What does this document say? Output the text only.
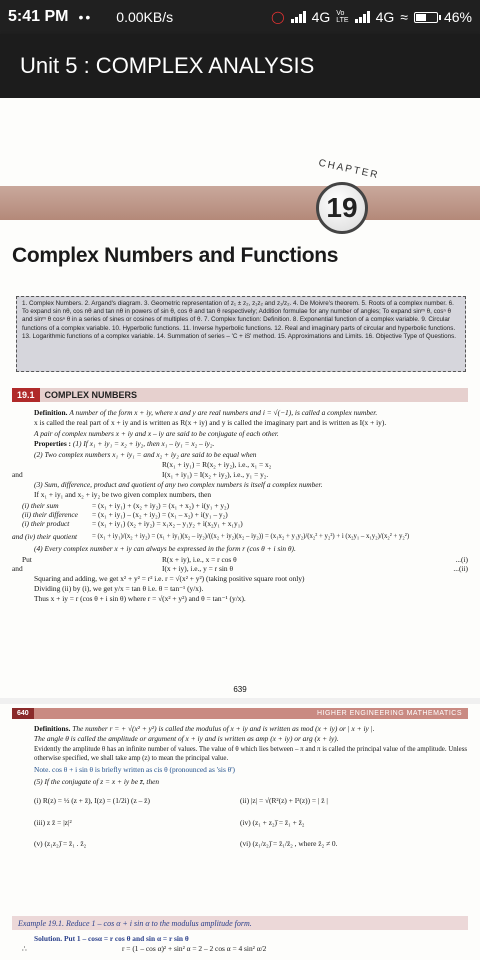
5:41 PM •• 0.00KB/s	◯ 4G Vo
LTE 4G ≈	46%
Unit 5 : COMPLEX ANALYSIS
CHAPTER
19
Complex Numbers and Functions
1. Complex Numbers. 2. Argand's diagram. 3. Geometric representation of z₁ ± z₂, z₁z₂ and z₁/z₂. 4. De Moivre's theorem. 5. Roots of a complex number. 6. To expand sin nθ, cos nθ and tan nθ in powers of sin θ, cos θ and tan θ respectively; Addition formulae for any number of angles; To expand sinᵐ θ, cosⁿ θ and sinᵐ θ cosⁿ θ in a series of sines or cosines of multiples of θ. 7. Complex function: Definition. 8. Exponential function of a complex variable. 9. Circular functions of a complex variable. 10. Hyperbolic functions. 11. Inverse hyperbolic functions. 12. Real and imaginary parts of circular and hyperbolic functions. 13. Logarithmic functions of a complex variable. 14. Summation of series – 'C + iS' method. 15. Approximations and Limits. 16. Objective Type of Questions.
19.1	COMPLEX NUMBERS

Definition. A number of the form x + iy, where x and y are real numbers and i = √(−1), is called a complex number.

x is called the real part of x + iy and is written as R(x + iy) and y is called the imaginary part and is written as I(x + iy).

A pair of complex numbers x + iy and x – iy are said to be conjugate of each other.

Properties : (1) If x₁ + iy₁ = x₂ + iy₂, then x₁ – iy₁ = x₂ – iy₂.

(2) Two complex numbers x₁ + iy₁ = and x₂ + iy₂ are said to be equal when

R(x₁ + iy₁) = R(x₂ + iy₂), i.e., x₁ = x₂

and	I(x₁ + iy₁) = I(x₂ + iy₂), i.e., y₁ = y₂.

(3) Sum, difference, product and quotient of any two complex numbers is itself a complex number.

If x₁ + iy₁ and x₂ + iy₂ be two given complex numbers, then

(i) their sum	= (x₁ + iy₁) + (x₂ + iy₂) = (x₁ + x₂) + i(y₁ + y₂)
(ii) their difference	= (x₁ + iy₁) – (x₂ + iy₂) = (x₁ – x₂) + i(y₁ – y₂)
(i) their product	= (x₁ + iy₁) (x₂ + iy₂) = x₁x₂ – y₁y₂ + i(x₂y₁ + x₁y₁)
and (iv) their quotient	= (x₁ + iy₁)/(x₂ + iy₂) = (x₁ + iy₁)(x₂ – iy₂)/((x₂ + iy₂)(x₂ – iy₂)) = (x₁x₂ + y₁y₂)/(x₂² + y₂²) + i (x₂y₁ – x₁y₂)/(x₂² + y₂²)

(4) Every complex number x + iy can always be expressed in the form r (cos θ + i sin θ).

Put	R(x + iy), i.e., x = r cos θ	...(i)
and	I(x + iy), i.e., y = r sin θ	...(ii)

Squaring and adding, we get x² + y² = r² i.e. r = √(x² + y²) (taking positive square root only)

Dividing (ii) by (i), we get y/x = tan θ i.e. θ = tan⁻¹ (y/x).

Thus x + iy = r (cos θ + i sin θ) where r = √(x² + y²) and θ = tan⁻¹ (y/x).

639
640	HIGHER ENGINEERING MATHEMATICS

Definitions. The number r = + √(x² + y²) is called the modulus of x + iy and is written as mod (x + iy) or | x + iy |.

The angle θ is called the amplitude or argument of x + iy and is written as amp (x + iy) or arg (x + iy).

Evidently the amplitude θ has an infinite number of values. The value of θ which lies between – π and π is called the principal value of the amplitude. Unless otherwise specified, we shall take amp (z) to mean the principal value.

Note. cos θ + i sin θ is briefly written as cis θ (pronounced as 'sis θ')

(5) If the conjugate of z = x + iy be z̄, then

(i) R(z) = ½ (z + z̄), I(z) = (1/2i) (z – z̄)	(ii) |z| = √(R²(z) + I²(z)) = | z̄ |
(iii) z z̄ = |z|²	(iv) (z₁ + z₂)̄ = z̄₁ + z̄₂
(v) (z₁z₂)̄ = z̄₁ . z̄₂	(vi) (z₁/z₂)̄ = z̄₁/z̄₂ , where z̄₂ ≠ 0.
Example 19.1. Reduce 1 – cos α + i sin α to the modulus amplitude form.

Solution. Put 1 – cosα = r cos θ and sin α = r sin θ

∴	r = (1 – cos α)² + sin² α = 2 – 2 cos α = 4 sin² α/2
